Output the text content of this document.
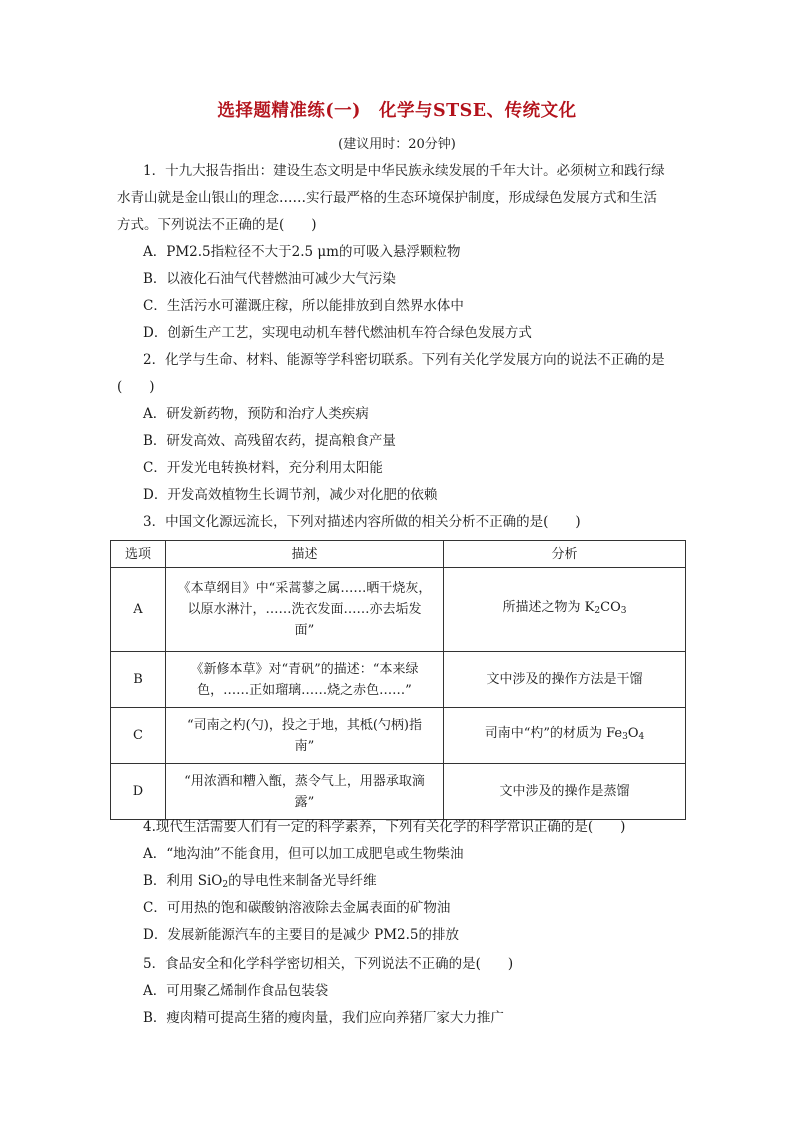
选择题精准练(一)　化学与STSE、传统文化
(建议用时：20分钟)
1．十九大报告指出：建设生态文明是中华民族永续发展的千年大计。必须树立和践行绿
水青山就是金山银山的理念……实行最严格的生态环境保护制度，形成绿色发展方式和生活
方式。下列说法不正确的是(　　)
A．PM2.5指粒径不大于2.5 μm的可吸入悬浮颗粒物
B．以液化石油气代替燃油可减少大气污染
C．生活污水可灌溉庄稼，所以能排放到自然界水体中
D．创新生产工艺，实现电动机车替代燃油机车符合绿色发展方式
2．化学与生命、材料、能源等学科密切联系。下列有关化学发展方向的说法不正确的是
(　　)
A．研发新药物，预防和治疗人类疾病
B．研发高效、高残留农药，提高粮食产量
C．开发光电转换材料，充分利用太阳能
D．开发高效植物生长调节剂，减少对化肥的依赖
3．中国文化源远流长，下列对描述内容所做的相关分析不正确的是(　　)
选项	描述	分析
A	《本草纲目》中“采蒿蓼之属……晒干烧灰，
以原水淋汁，……洗衣发面……亦去垢发
面”	所描述之物为 $K_2CO_3$
B	《新修本草》对“青矾”的描述：“本来绿
色，……正如瑠璃……烧之赤色……”	文中涉及的操作方法是干馏
C	“司南之杓(勺)，投之于地，其柢(勺柄)指
南”	司南中“杓”的材质为 $Fe_3O_4$
D	“用浓酒和糟入甑，蒸令气上，用器承取滴
露”	文中涉及的操作是蒸馏
4.现代生活需要人们有一定的科学素养，下列有关化学的科学常识正确的是(　　)
A．“地沟油”不能食用，但可以加工成肥皂或生物柴油
B．利用 SiO$_2$的导电性来制备光导纤维
C．可用热的饱和碳酸钠溶液除去金属表面的矿物油
D．发展新能源汽车的主要目的是减少 PM2.5的排放
5．食品安全和化学科学密切相关，下列说法不正确的是(　　)
A．可用聚乙烯制作食品包装袋
B．瘦肉精可提高生猪的瘦肉量，我们应向养猪厂家大力推广
